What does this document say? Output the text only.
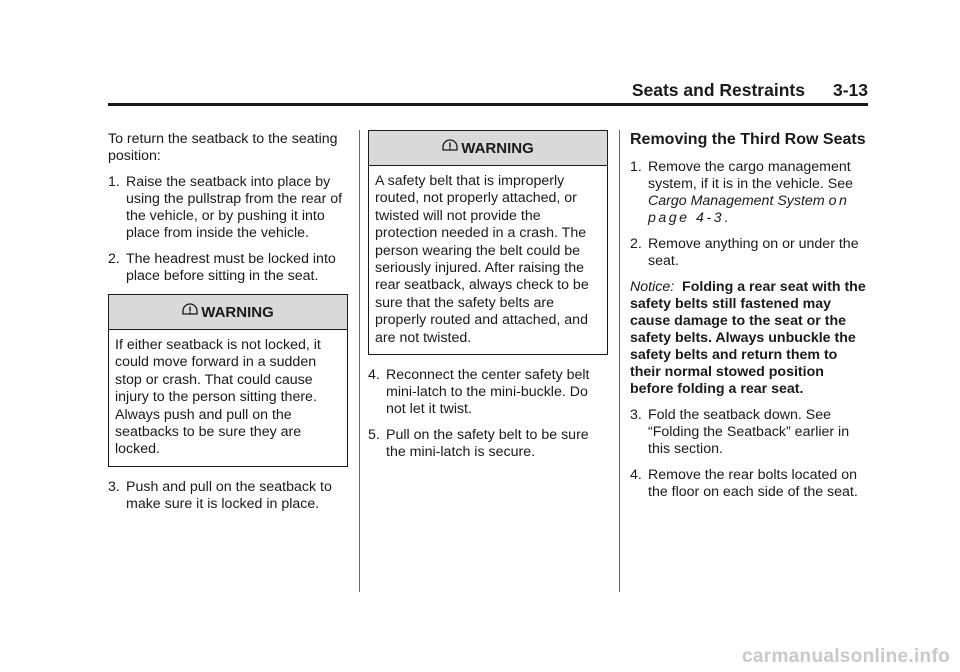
Seats and Restraints 3-13

To return the seatback to the seating position:

1. Raise the seatback into place by using the pullstrap from the rear of the vehicle, or by pushing it into place from inside the vehicle.
2. The headrest must be locked into place before sitting in the seat.
WARNING
If either seatback is not locked, it could move forward in a sudden stop or crash. That could cause injury to the person sitting there. Always push and pull on the seatbacks to be sure they are locked.
3. Push and pull on the seatback to make sure it is locked in place.
WARNING
A safety belt that is improperly routed, not properly attached, or twisted will not provide the protection needed in a crash. The person wearing the belt could be seriously injured. After raising the rear seatback, always check to be sure that the safety belts are properly routed and attached, and are not twisted.
4. Reconnect the center safety belt mini-latch to the mini-buckle. Do not let it twist.
5. Pull on the safety belt to be sure the mini-latch is secure.
Removing the Third Row Seats
1. Remove the cargo management system, if it is in the vehicle. See Cargo Management System on page 4-3.
2. Remove anything on or under the seat.

Notice: Folding a rear seat with the safety belts still fastened may cause damage to the seat or the safety belts. Always unbuckle the safety belts and return them to their normal stowed position before folding a rear seat.

3. Fold the seatback down. See “Folding the Seatback” earlier in this section.
4. Remove the rear bolts located on the floor on each side of the seat.
carmanualsonline.info
